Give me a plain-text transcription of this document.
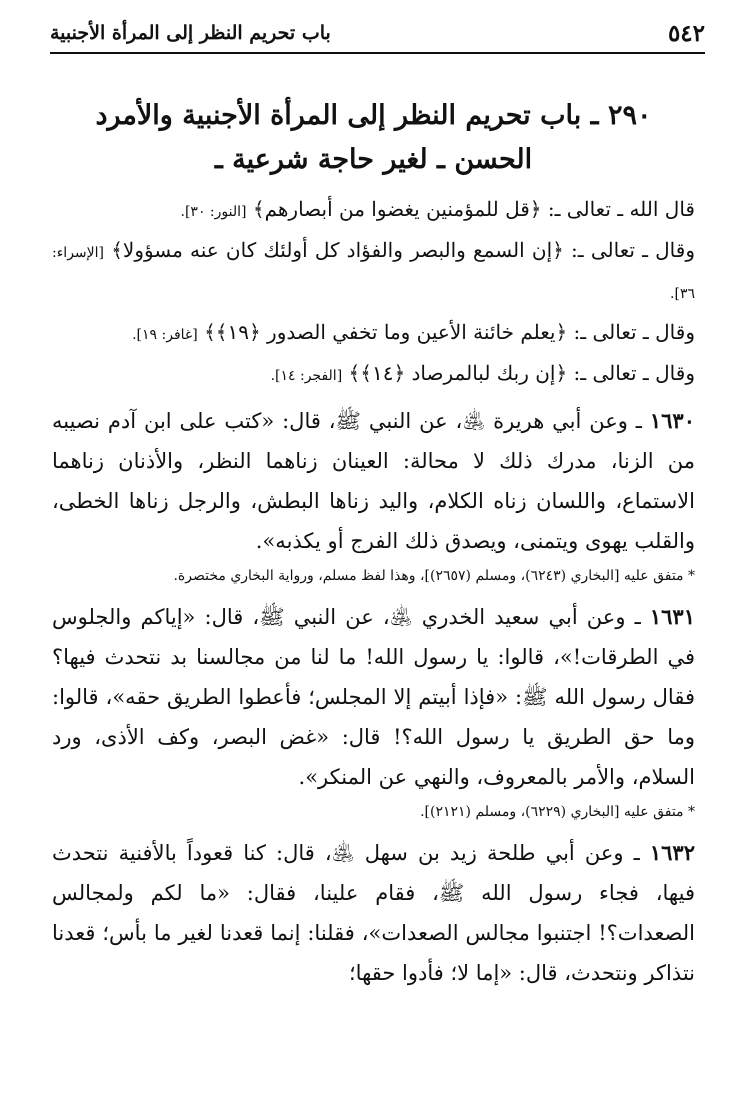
٥٤٢
باب تحريم النظر إلى المرأة الأجنبية
٢٩٠ ـ باب تحريم النظر إلى المرأة الأجنبية والأمرد
الحسن ـ لغير حاجة شرعية ـ

قال الله ـ تعالى ـ: ﴿قل للمؤمنين يغضوا من أبصارهم﴾ [النور: ٣٠].

وقال ـ تعالى ـ: ﴿إن السمع والبصر والفؤاد كل أولئك كان عنه مسؤولا﴾ [الإسراء: ٣٦].

وقال ـ تعالى ـ: ﴿يعلم خائنة الأعين وما تخفي الصدور ﴿١٩﴾﴾ [غافر: ١٩].

وقال ـ تعالى ـ: ﴿إن ربك لبالمرصاد ﴿١٤﴾﴾ [الفجر: ١٤].

١٦٣٠ ـ وعن أبي هريرة ﵁، عن النبي ﷺ، قال: «كتب على ابن آدم نصيبه من الزنا، مدرك ذلك لا محالة: العينان زناهما النظر، والأذنان زناهما الاستماع، واللسان زناه الكلام، واليد زناها البطش، والرجل زناها الخطى، والقلب يهوى ويتمنى، ويصدق ذلك الفرج أو يكذبه».
* متفق عليه [البخاري (٦٢٤٣)، ومسلم (٢٦٥٧)]، وهذا لفظ مسلم، ورواية البخاري مختصرة.

١٦٣١ ـ وعن أبي سعيد الخدري ﵁، عن النبي ﷺ، قال: «إياكم والجلوس في الطرقات!»، قالوا: يا رسول الله! ما لنا من مجالسنا بد نتحدث فيها؟ فقال رسول الله ﷺ: «فإذا أبيتم إلا المجلس؛ فأعطوا الطريق حقه»، قالوا: وما حق الطريق يا رسول الله؟! قال: «غض البصر، وكف الأذى، ورد السلام، والأمر بالمعروف، والنهي عن المنكر».
* متفق عليه [البخاري (٦٢٢٩)، ومسلم (٢١٢١)].

١٦٣٢ ـ وعن أبي طلحة زيد بن سهل ﵁، قال: كنا قعوداً بالأفنية نتحدث فيها، فجاء رسول الله ﷺ، فقام علينا، فقال: «ما لكم ولمجالس الصعدات؟! اجتنبوا مجالس الصعدات»، فقلنا: إنما قعدنا لغير ما بأس؛ قعدنا نتذاكر ونتحدث، قال: «إما لا؛ فأدوا حقها؛
